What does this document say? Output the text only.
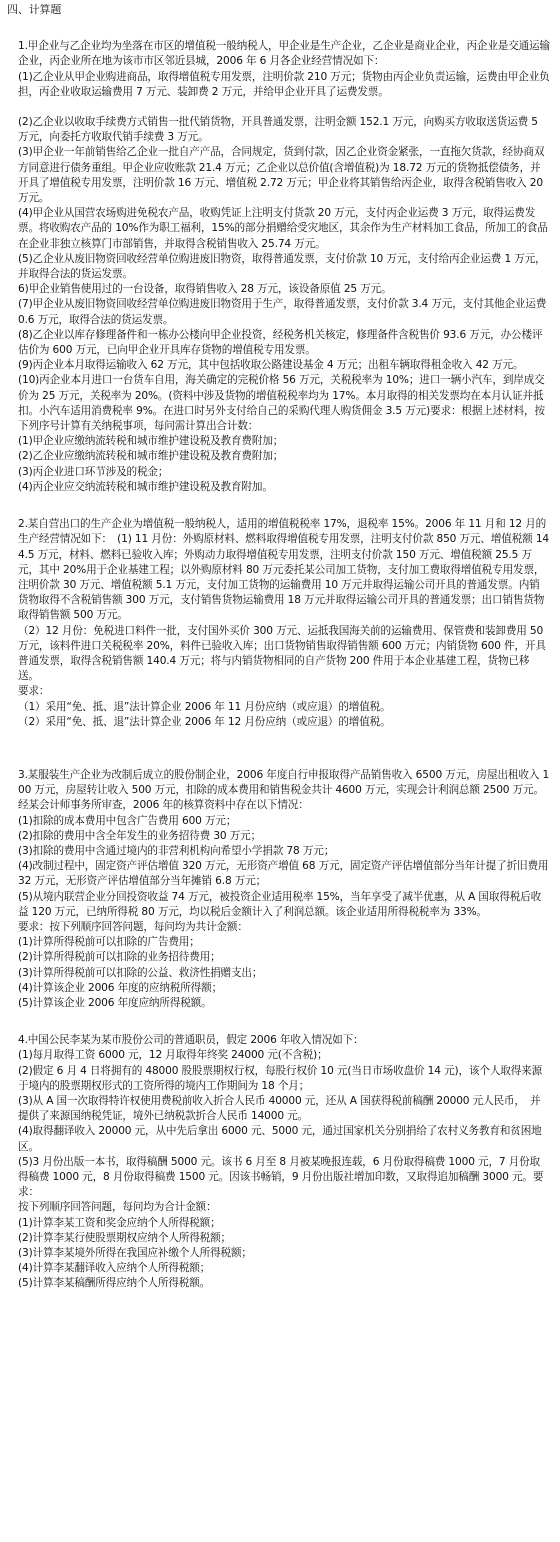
四、计算题

1.甲企业与乙企业均为坐落在市区的增值税一般纳税人，甲企业是生产企业，乙企业是商业企业，丙企业是交通运输企业，丙企业所在地为该市市区邻近县城，2006 年 6 月各企业经营情况如下：

(1)乙企业从甲企业购进商品，取得增值税专用发票，注明价款 210 万元；货物由丙企业负责运输，运费由甲企业负担，丙企业收取运输费用 7 万元、装卸费 2 万元，并给甲企业开具了运费发票。

(2)乙企业以收取手续费方式销售一批代销货物，开具普通发票，注明金额 152.1 万元，向购买方收取送货运费 5 万元，向委托方收取代销手续费 3 万元。

(3)甲企业一年前销售给乙企业一批自产产品，合同规定，货到付款，因乙企业资金紧张，一直拖欠货款，经协商双方同意进行债务重组。甲企业应收账款 21.4 万元；乙企业以总价值(含增值税)为 18.72 万元的货物抵偿债务，并开具了增值税专用发票，注明价款 16 万元、增值税 2.72 万元；甲企业将其销售给丙企业，取得含税销售收入 20 万元。

(4)甲企业从国营农场购进免税农产品，收购凭证上注明支付货款 20 万元，支付丙企业运费 3 万元，取得运费发票。将收购农产品的 10%作为职工福利，15%的部分捐赠给受灾地区，其余作为生产材料加工食品，所加工的食品在企业非独立核算门市部销售，并取得含税销售收入 25.74 万元。

(5)乙企业从废旧物资回收经营单位购进废旧物资，取得普通发票，支付价款 10 万元，支付给丙企业运费 1 万元，并取得合法的货运发票。

6)甲企业销售使用过的一台设备，取得销售收入 28 万元，该设备原值 25 万元。

(7)甲企业从废旧物资回收经营单位购进废旧物资用于生产，取得普通发票，支付价款 3.4 万元，支付其他企业运费 0.6 万元，取得合法的货运发票。

(8)乙企业以库存修理备件和一栋办公楼向甲企业投资，经税务机关核定，修理备件含税售价 93.6 万元，办公楼评估价为 600 万元，已向甲企业开具库存货物的增值税专用发票。

(9)丙企业本月取得运输收入 62 万元，其中包括收取公路建设基金 4 万元；出租车辆取得租金收入 42 万元。

(10)丙企业本月进口一台货车自用，海关确定的完税价格 56 万元，关税税率为 10%；进口一辆小汽车，到岸成交价为 25 万元，关税率为 20%。(资料中涉及货物的增值税税率均为 17%。本月取得的相关发票均在本月认证并抵扣。小汽车适用消费税率 9%。在进口时另外支付给自己的采购代理人购货佣金 3.5 万元)要求：根据上述材料，按下列序号计算有关纳税事项，每问需计算出合计数：

(1)甲企业应缴纳流转税和城市维护建设税及教育费附加；

(2)乙企业应缴纳流转税和城市维护建设税及教育费附加；

(3)丙企业进口环节涉及的税金；

(4)丙企业应交纳流转税和城市维护建设税及教育附加。

2.某自营出口的生产企业为增值税一般纳税人，适用的增值税税率 17%，退税率 15%。2006 年 11 月和 12 月的生产经营情况如下：　(1) 11 月份：外购原材料、燃料取得增值税专用发票，注明支付价款 850 万元、增值税额 144.5 万元，材料、燃料已验收入库；外购动力取得增值税专用发票，注明支付价款 150 万元、增值税额 25.5 万元，其中 20%用于企业基建工程；以外购原材料 80 万元委托某公司加工货物，支付加工费取得增值税专用发票，注明价款 30 万元、增值税额 5.1 万元，支付加工货物的运输费用 10 万元并取得运输公司开具的普通发票。内销货物取得不含税销售额 300 万元，支付销售货物运输费用 18 万元并取得运输公司开具的普通发票；出口销售货物取得销售额 500 万元。

（2）12 月份：免税进口料件一批，支付国外买价 300 万元、运抵我国海关前的运输费用、保管费和装卸费用 50 万元，该料件进口关税税率 20%，料件已验收入库；出口货物销售取得销售额 600 万元；内销货物 600 件，开具普通发票，取得含税销售额 140.4 万元；将与内销货物相同的自产货物 200 件用于本企业基建工程，货物已移送。

要求：

（1）采用“免、抵、退”法计算企业 2006 年 11 月份应纳（或应退）的增值税。

（2）采用“免、抵、退”法计算企业 2006 年 12 月份应纳（或应退）的增值税。

3.某服装生产企业为改制后成立的股份制企业，2006 年度自行申报取得产品销售收入 6500 万元，房屋出租收入 100 万元，房屋转让收入 500 万元，扣除的成本费用和销售税金共计 4600 万元，实现会计利润总额 2500 万元。经某会计师事务所审查，2006 年的核算资料中存在以下情况：

(1)扣除的成本费用中包含广告费用 600 万元；

(2)扣除的费用中含全年发生的业务招待费 30 万元；

(3)扣除的费用中含通过境内的非营利机构向希望小学捐款 78 万元；

(4)改制过程中，固定资产评估增值 320 万元，无形资产增值 68 万元，固定资产评估增值部分当年计提了折旧费用 32 万元，无形资产评估增值部分当年摊销 6.8 万元；

(5)从境内联营企业分回投资收益 74 万元，被投资企业适用税率 15%，当年享受了减半优惠，从 A 国取得税后收益 120 万元，已纳所得税 80 万元，均以税后金额计入了利润总额。该企业适用所得税税率为 33%。

要求：按下列顺序回答问题，每问均为共计金额：

(1)计算所得税前可以扣除的广告费用；

(2)计算所得税前可以扣除的业务招待费用；

(3)计算所得税前可以扣除的公益、救济性捐赠支出；

(4)计算该企业 2006 年度的应纳税所得额；

(5)计算该企业 2006 年度应纳所得税额。

4.中国公民李某为某市股份公司的普通职员，假定 2006 年收入情况如下：

(1)每月取得工资 6000 元，12 月取得年终奖 24000 元(不含税)；

(2)假定 6 月 4 日将拥有的 48000 股股票期权行权，每股行权价 10 元(当日市场收盘价 14 元)，该个人取得来源于境内的股票期权形式的工资所得的境内工作期间为 18 个月；

(3)从 A 国一次取得特许权使用费税前收入折合人民币 40000 元，还从 A 国获得税前稿酬 20000 元人民币，　并提供了来源国纳税凭证，境外已纳税款折合人民币 14000 元。

(4)取得翻译收入 20000 元，从中先后拿出 6000 元、5000 元，通过国家机关分别捐给了农村义务教育和贫困地区。

(5)3 月份出版一本书，取得稿酬 5000 元。该书 6 月至 8 月被某晚报连载，6 月份取得稿费 1000 元，7 月份取得稿费 1000 元，8 月份取得稿费 1500 元。因该书畅销，9 月份出版社增加印数，又取得追加稿酬 3000 元。要求：

按下列顺序回答问题，每问均为合计金额：

(1)计算李某工资和奖金应纳个人所得税额；

(2)计算李某行使股票期权应纳个人所得税额；

(3)计算李某境外所得在我国应补缴个人所得税额；

(4)计算李某翻译收入应纳个人所得税额；

(5)计算李某稿酬所得应纳个人所得税额。
